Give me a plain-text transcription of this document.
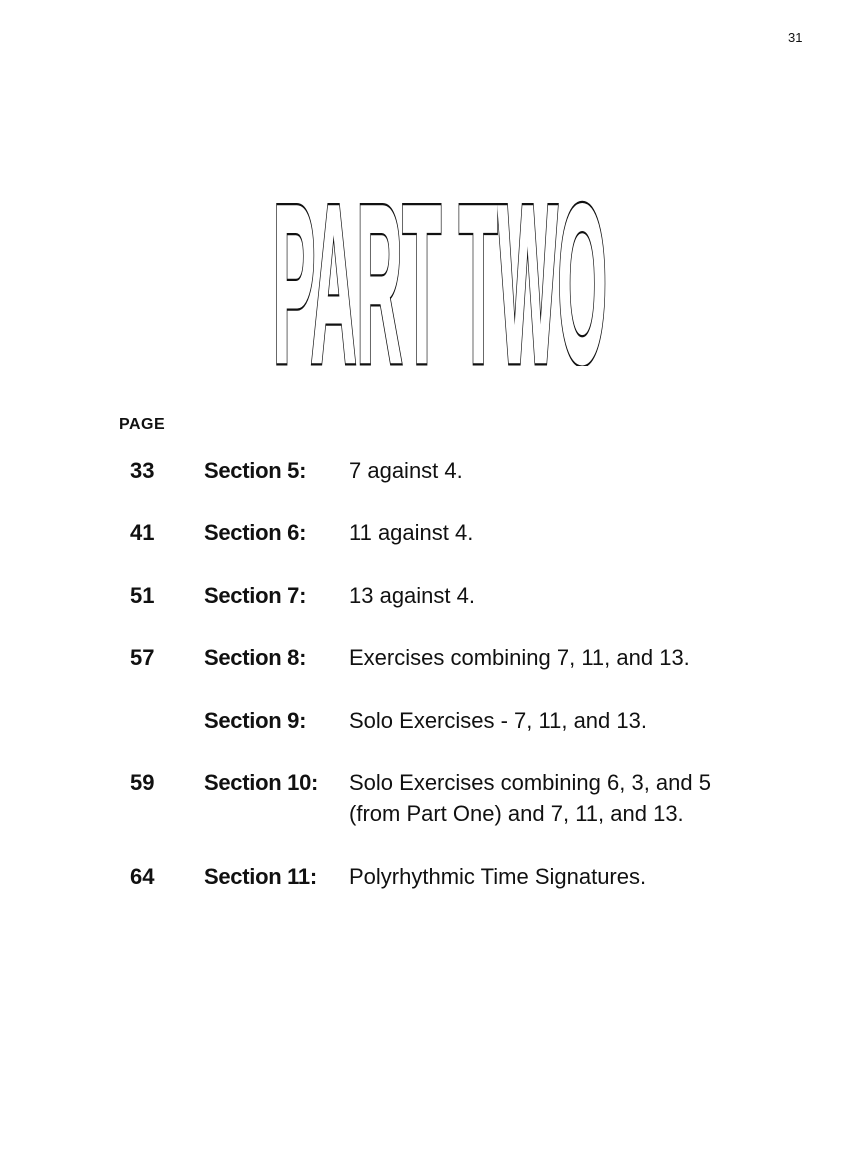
31
PART TWO
PART TWO
PAGE
33 Section 5: 7 against 4.
41 Section 6: 11 against 4.
51 Section 7: 13 against 4.
57 Section 8: Exercises combining 7, 11, and 13.
Section 9: Solo Exercises - 7, 11, and 13.
59 Section 10: Solo Exercises combining 6, 3, and 5
(from Part One) and 7, 11, and 13.
64 Section 11: Polyrhythmic Time Signatures.
